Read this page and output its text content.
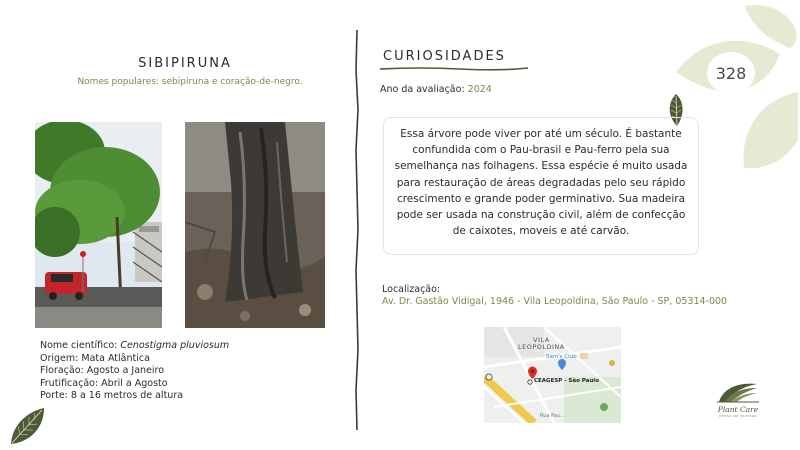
328
SIBIPIRUNA
Nomes populares: sebipiruna e coração-de-negro.
Nome científico: Cenostigma pluviosum
Origem: Mata Atlântica
Floração: Agosto a Janeiro
Frutificação: Abril a Agosto
Porte: 8 a 16 metros de altura
CURIOSIDADES
Ano da avaliação: 2024
Essa árvore pode viver por até um século. É bastante confundida com o Pau-brasil e Pau-ferro pela sua semelhança nas folhagens. Essa espécie é muito usada para restauração de áreas degradadas pelo seu rápido crescimento e grande poder germinativo. Sua madeira pode ser usada na construção civil, além de confecção de caixotes, moveis e até carvão.
Localização:
Av. Dr. Gastão Vidigal, 1946 - Vila Leopoldina, São Paulo - SP, 05314-000
VILA
LEOPOLDINA
Sam's Club
CEAGESP - São Paulo
Rua Pau...
Plant Care
censo de plantas
